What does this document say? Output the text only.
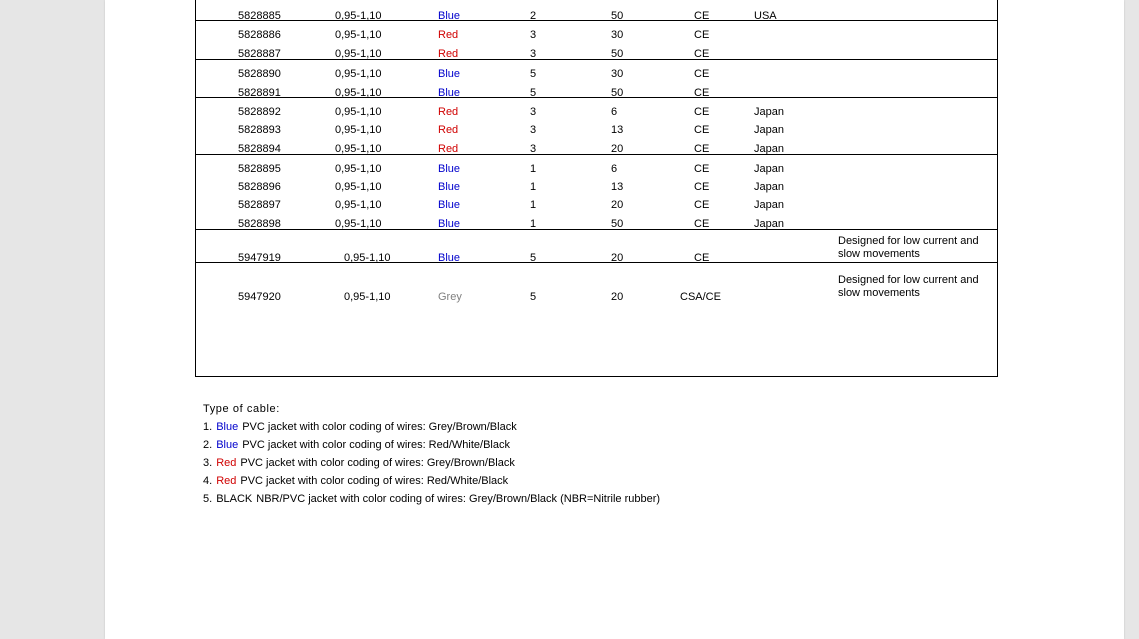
5828885	0,95-1,10	Blue	2	50	CE	USA
5828886	0,95-1,10	Red	3	30	CE
5828887	0,95-1,10	Red	3	50	CE
5828890	0,95-1,10	Blue	5	30	CE
5828891	0,95-1,10	Blue	5	50	CE
5828892	0,95-1,10	Red	3	6	CE	Japan
5828893	0,95-1,10	Red	3	13	CE	Japan
5828894	0,95-1,10	Red	3	20	CE	Japan
5828895	0,95-1,10	Blue	1	6	CE	Japan
5828896	0,95-1,10	Blue	1	13	CE	Japan
5828897	0,95-1,10	Blue	1	20	CE	Japan
5828898	0,95-1,10	Blue	1	50	CE	Japan
5947919	0,95-1,10	Blue	5	20	CE
Designed for low current and
slow movements
5947920	0,95-1,10	Grey	5	20	CSA/CE
Designed for low current and
slow movements
Type of cable:
1. Blue PVC jacket with color coding of wires: Grey/Brown/Black
2. Blue PVC jacket with color coding of wires: Red/White/Black
3. Red PVC jacket with color coding of wires: Grey/Brown/Black
4. Red PVC jacket with color coding of wires: Red/White/Black
5. BLACK NBR/PVC jacket with color coding of wires: Grey/Brown/Black (NBR=Nitrile rubber)
